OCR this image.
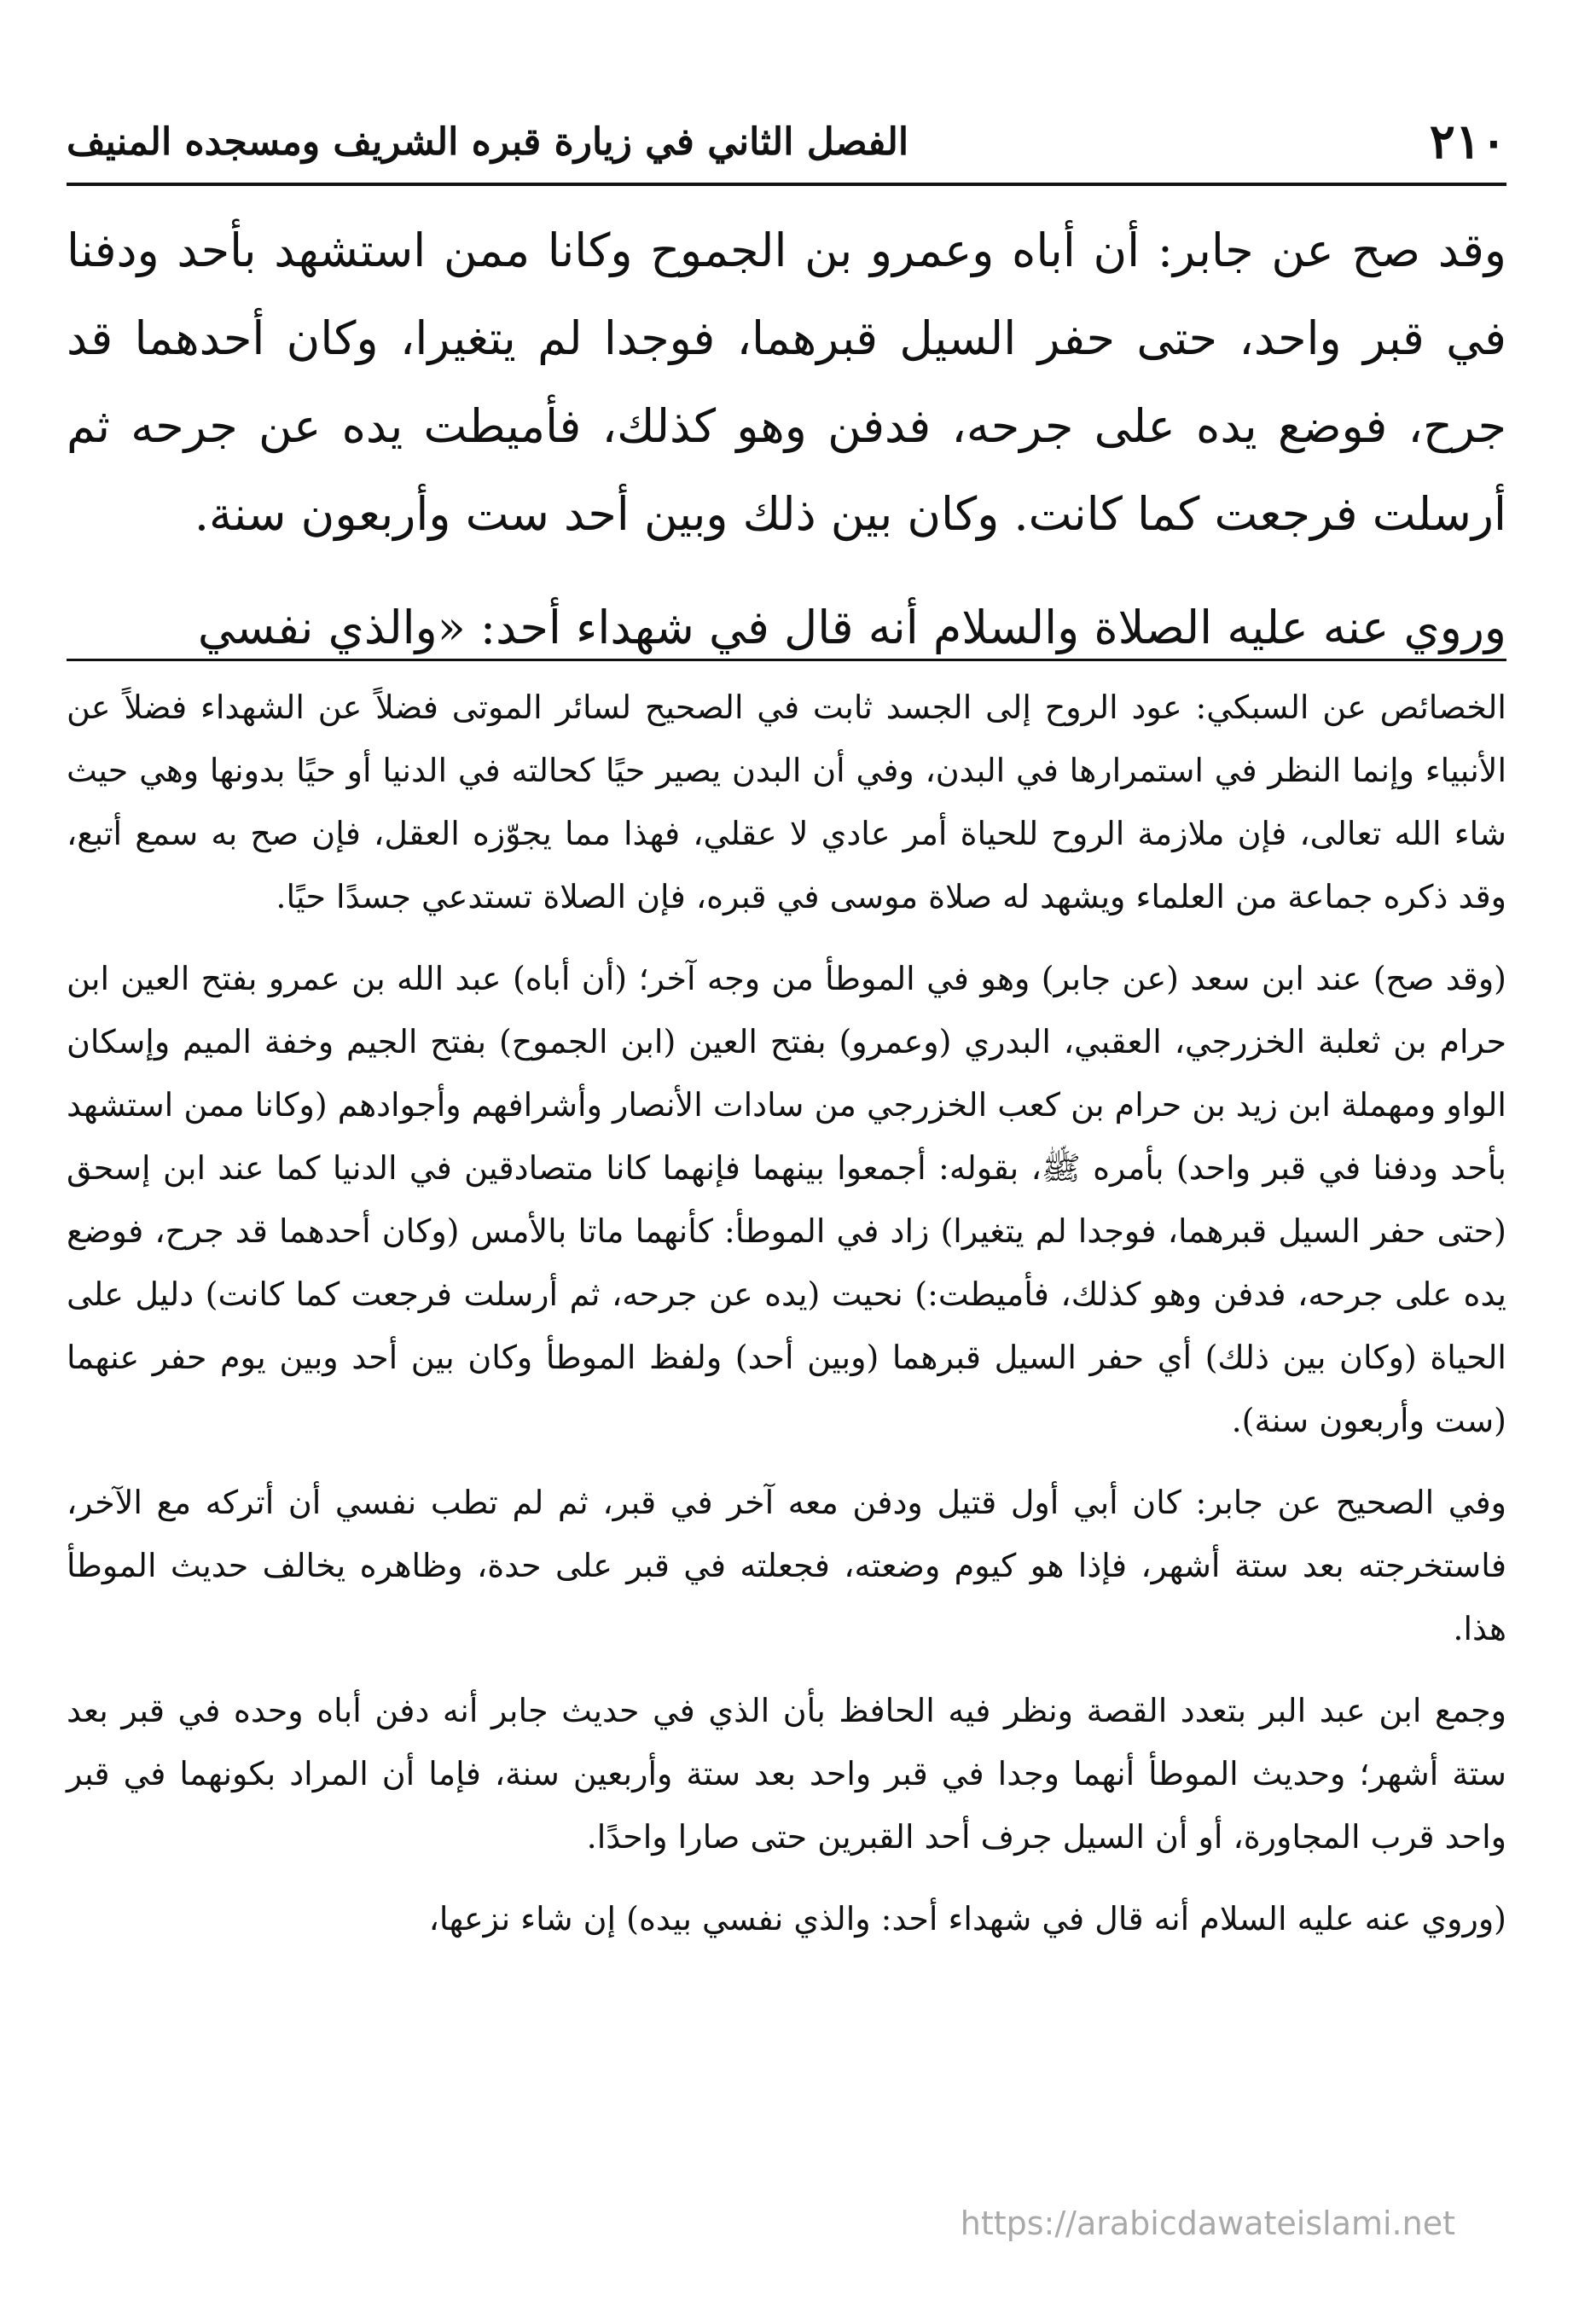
٢١٠
الفصل الثاني في زيارة قبره الشريف ومسجده المنيف

وقد صح عن جابر: أن أباه وعمرو بن الجموح وكانا ممن استشهد بأحد ودفنا في قبر واحد، حتى حفر السيل قبرهما، فوجدا لم يتغيرا، وكان أحدهما قد جرح، فوضع يده على جرحه، فدفن وهو كذلك، فأميطت يده عن جرحه ثم أرسلت فرجعت كما كانت. وكان بين ذلك وبين أحد ست وأربعون سنة.

وروي عنه عليه الصلاة والسلام أنه قال في شهداء أحد: «والذي نفسي

الخصائص عن السبكي: عود الروح إلى الجسد ثابت في الصحيح لسائر الموتى فضلاً عن الشهداء فضلاً عن الأنبياء وإنما النظر في استمرارها في البدن، وفي أن البدن يصير حيًا كحالته في الدنيا أو حيًا بدونها وهي حيث شاء الله تعالى، فإن ملازمة الروح للحياة أمر عادي لا عقلي، فهذا مما يجوّزه العقل، فإن صح به سمع أتبع، وقد ذكره جماعة من العلماء ويشهد له صلاة موسى في قبره، فإن الصلاة تستدعي جسدًا حيًا.

(وقد صح) عند ابن سعد (عن جابر) وهو في الموطأ من وجه آخر؛ (أن أباه) عبد الله بن عمرو بفتح العين ابن حرام بن ثعلبة الخزرجي، العقبي، البدري (وعمرو) بفتح العين (ابن الجموح) بفتح الجيم وخفة الميم وإسكان الواو ومهملة ابن زيد بن حرام بن كعب الخزرجي من سادات الأنصار وأشرافهم وأجوادهم (وكانا ممن استشهد بأحد ودفنا في قبر واحد) بأمره ﷺ، بقوله: أجمعوا بينهما فإنهما كانا متصادقين في الدنيا كما عند ابن إسحق (حتى حفر السيل قبرهما، فوجدا لم يتغيرا) زاد في الموطأ: كأنهما ماتا بالأمس (وكان أحدهما قد جرح، فوضع يده على جرحه، فدفن وهو كذلك، فأميطت:) نحيت (يده عن جرحه، ثم أرسلت فرجعت كما كانت) دليل على الحياة (وكان بين ذلك) أي حفر السيل قبرهما (وبين أحد) ولفظ الموطأ وكان بين أحد وبين يوم حفر عنهما (ست وأربعون سنة).

وفي الصحيح عن جابر: كان أبي أول قتيل ودفن معه آخر في قبر، ثم لم تطب نفسي أن أتركه مع الآخر، فاستخرجته بعد ستة أشهر، فإذا هو كيوم وضعته، فجعلته في قبر على حدة، وظاهره يخالف حديث الموطأ هذا.

وجمع ابن عبد البر بتعدد القصة ونظر فيه الحافظ بأن الذي في حديث جابر أنه دفن أباه وحده في قبر بعد ستة أشهر؛ وحديث الموطأ أنهما وجدا في قبر واحد بعد ستة وأربعين سنة، فإما أن المراد بكونهما في قبر واحد قرب المجاورة، أو أن السيل جرف أحد القبرين حتى صارا واحدًا.

(وروي عنه عليه السلام أنه قال في شهداء أحد: والذي نفسي بيده) إن شاء نزعها،

https://arabicdawateislami.net
